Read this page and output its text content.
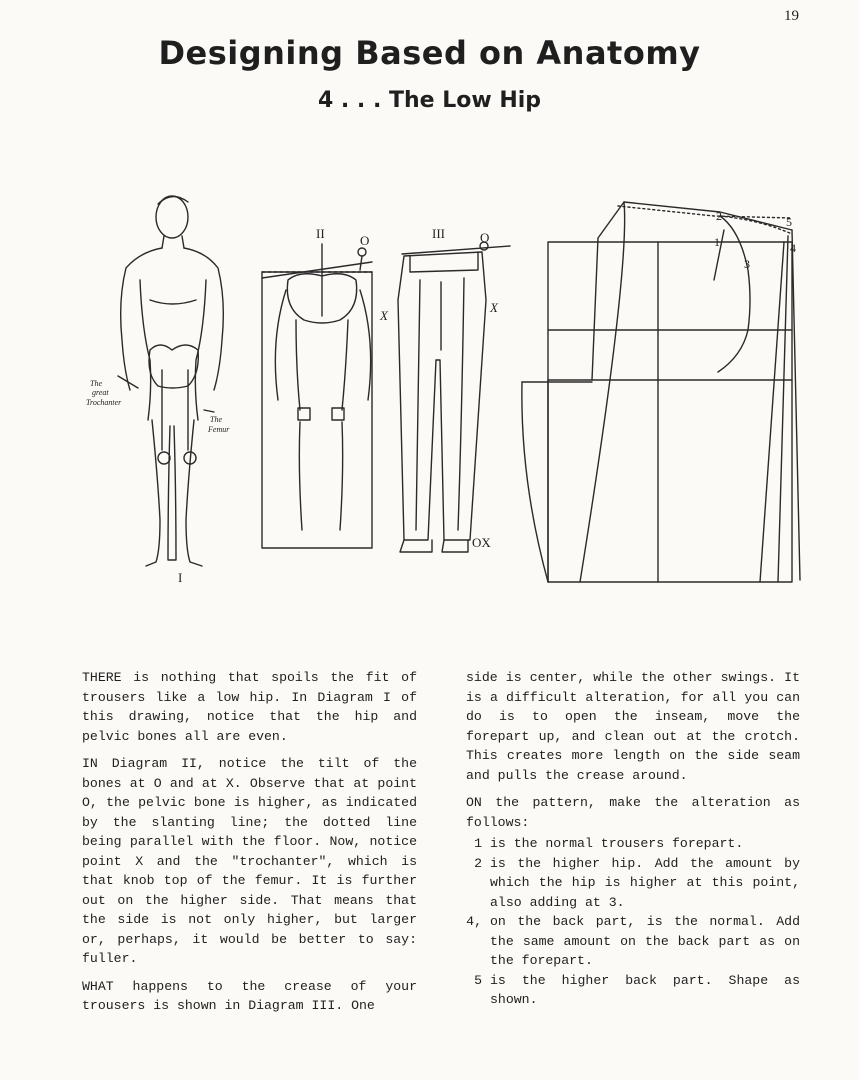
19
Designing Based on Anatomy
4 . . . The Low Hip
I
II	III
The
great
Trochanter
The
Femur
O
X
O
X
OX
1
2
3
4
5

THERE is nothing that spoils the fit of trousers like a low hip. In Diagram I of this drawing, notice that the hip and pelvic bones all are even.

IN Diagram II, notice the tilt of the bones at O and at X. Observe that at point O, the pelvic bone is higher, as indicated by the slanting line; the dotted line being parallel with the floor. Now, notice point X and the "trochanter", which is that knob top of the femur. It is further out on the higher side. That means that the side is not only higher, but larger or, perhaps, it would be better to say: fuller.

WHAT happens to the crease of your trousers is shown in Diagram III. One

side is center, while the other swings. It is a difficult alteration, for all you can do is to open the inseam, move the forepart up, and clean out at the crotch. This creates more length on the side seam and pulls the crease around.

ON the pattern, make the alteration as follows:

1 is the normal trousers forepart.
2 is the higher hip. Add the amount by which the hip is higher at this point, also adding at 3.
4, on the back part, is the normal. Add the same amount on the back part as on the forepart.
5 is the higher back part. Shape as shown.
